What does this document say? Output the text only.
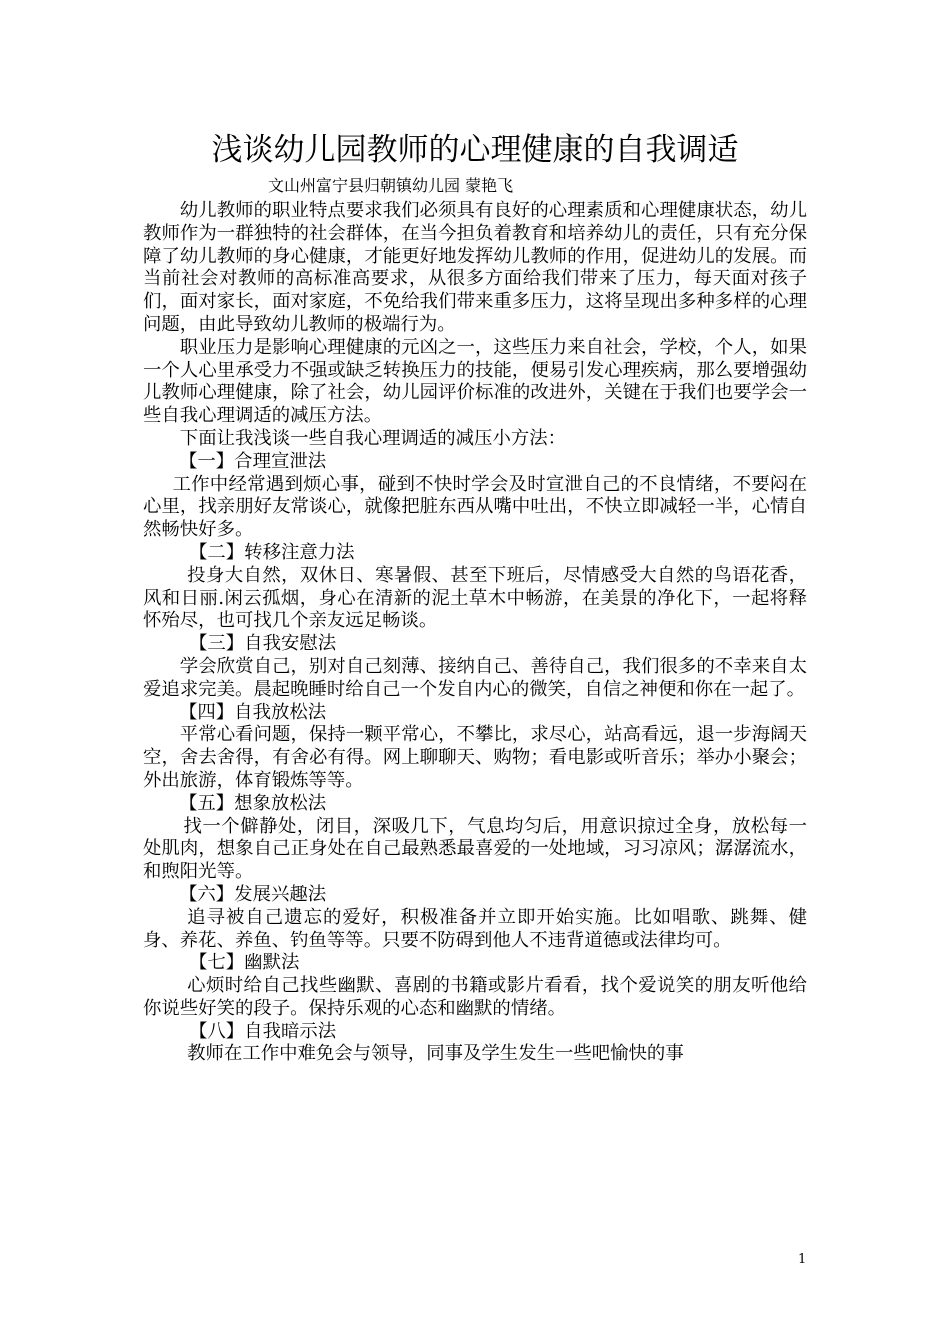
浅谈幼儿园教师的心理健康的自我调适
文山州富宁县归朝镇幼儿园 蒙艳飞

幼儿教师的职业特点要求我们必须具有良好的心理素质和心理健康状态，幼儿教师作为一群独特的社会群体，在当今担负着教育和培养幼儿的责任，只有充分保障了幼儿教师的身心健康，才能更好地发挥幼儿教师的作用，促进幼儿的发展。而当前社会对教师的高标准高要求，从很多方面给我们带来了压力，每天面对孩子们，面对家长，面对家庭，不免给我们带来重多压力，这将呈现出多种多样的心理问题，由此导致幼儿教师的极端行为。

职业压力是影响心理健康的元凶之一，这些压力来自社会，学校，个人，如果一个人心里承受力不强或缺乏转换压力的技能，便易引发心理疾病，那么要增强幼儿教师心理健康，除了社会，幼儿园评价标准的改进外，关键在于我们也要学会一些自我心理调适的减压方法。

下面让我浅谈一些自我心理调适的减压小方法：

【一】合理宣泄法

工作中经常遇到烦心事，碰到不快时学会及时宣泄自己的不良情绪，不要闷在心里，找亲朋好友常谈心，就像把脏东西从嘴中吐出，不快立即减轻一半，心情自然畅快好多。

【二】转移注意力法

投身大自然，双休日、寒暑假、甚至下班后，尽情感受大自然的鸟语花香，风和日丽.闲云孤烟，身心在清新的泥土草木中畅游，在美景的净化下，一起将释怀殆尽，也可找几个亲友远足畅谈。

【三】自我安慰法

学会欣赏自己，别对自己刻薄、接纳自己、善待自己，我们很多的不幸来自太爱追求完美。晨起晚睡时给自己一个发自内心的微笑，自信之神便和你在一起了。

【四】自我放松法

平常心看问题，保持一颗平常心，不攀比，求尽心，站高看远，退一步海阔天空，舍去舍得，有舍必有得。网上聊聊天、购物；看电影或听音乐；举办小聚会；外出旅游，体育锻炼等等。

【五】想象放松法

找一个僻静处，闭目，深吸几下，气息均匀后，用意识掠过全身，放松每一处肌肉，想象自己正身处在自己最熟悉最喜爱的一处地域，习习凉风；潺潺流水，和煦阳光等。

【六】发展兴趣法

追寻被自己遗忘的爱好，积极准备并立即开始实施。比如唱歌、跳舞、健身、养花、养鱼、钓鱼等等。只要不防碍到他人不违背道德或法律均可。

【七】幽默法

心烦时给自己找些幽默、喜剧的书籍或影片看看，找个爱说笑的朋友听他给你说些好笑的段子。保持乐观的心态和幽默的情绪。

【八】自我暗示法

教师在工作中难免会与领导，同事及学生发生一些吧愉快的事

1
